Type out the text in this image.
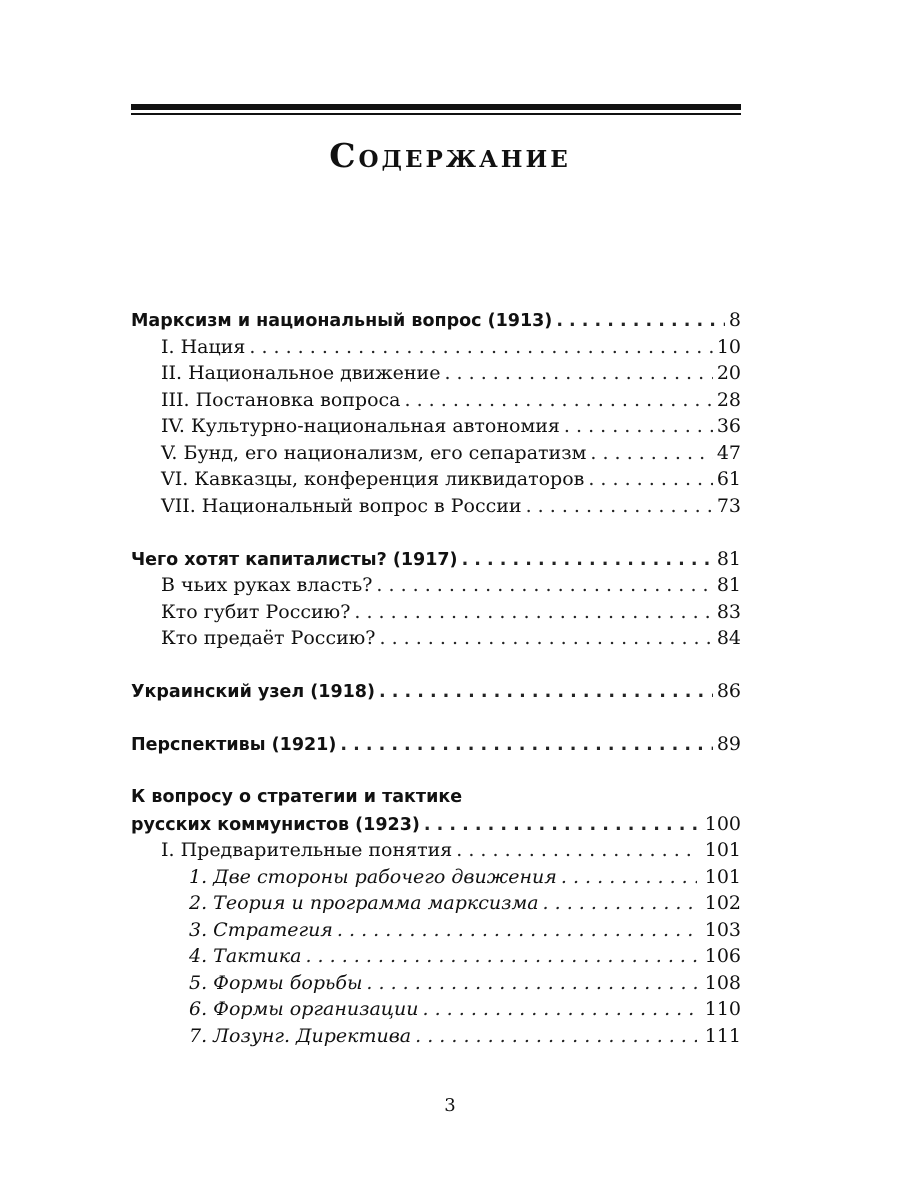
Содержание
Марксизм и национальный вопрос (1913) . . .	8
I. Нация . . .	10
II. Национальное движение . . .	20
III. Постановка вопроса . . .	28
IV. Культурно-национальная автономия . . .	36
V. Бунд, его национализм, его сепаратизм . . .	47
VI. Кавказцы, конференция ликвидаторов . . .	61
VII. Национальный вопрос в России . . .	73
Чего хотят капиталисты? (1917) . . .	81
В чьих руках власть? . . .	81
Кто губит Россию? . . .	83
Кто предаёт Россию? . . .	84
Украинский узел (1918) . . .	86
Перспективы (1921) . . .	89
К вопросу о стратегии и тактике
русских коммунистов (1923) . . .	100
I. Предварительные понятия . . .	101
1. Две стороны рабочего движения . . .	101
2. Теория и программа марксизма . . .	102
3. Стратегия . . .	103
4. Тактика . . .	106
5. Формы борьбы . . .	108
6. Формы организации . . .	110
7. Лозунг. Директива . . .	111
3
